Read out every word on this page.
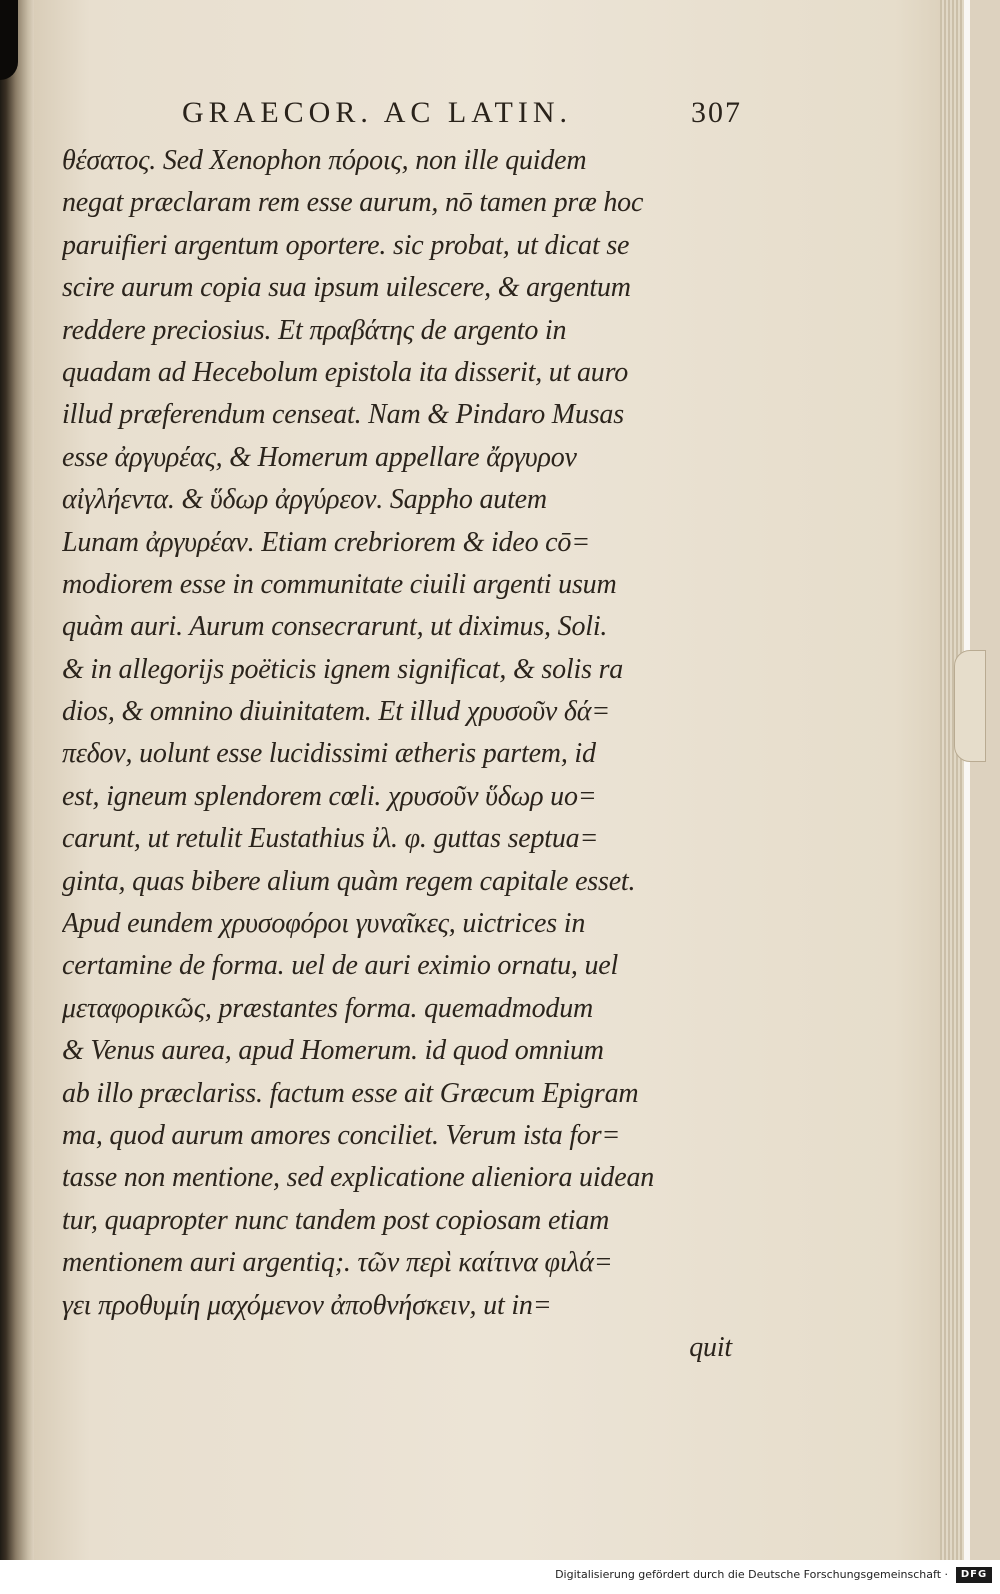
GRAECOR. AC LATIN.	307
θέσατος. Sed Xenophon πόροις, non ille quidem
negat præclaram rem esse aurum, nō tamen præ hoc
paruifieri argentum oportere. sic probat, ut dicat se
scire aurum copia sua ipsum uilescere, & argentum
reddere preciosius. Et πραβάτης de argento in
quadam ad Hecebolum epistola ita disserit, ut auro
illud præferendum censeat. Nam & Pindaro Musas
esse ἀργυρέας, & Homerum appellare ἄργυρον
αἰγλήεντα. & ὕδωρ ἀργύρεον. Sappho autem
Lunam ἀργυρέαν. Etiam crebriorem & ideo cō=
modiorem esse in communitate ciuili argenti usum
quàm auri. Aurum consecrarunt, ut diximus, Soli.
& in allegorijs poëticis ignem significat, & solis ra
dios, & omnino diuinitatem. Et illud χρυσοῦν δά=
πεδον, uolunt esse lucidissimi ætheris partem, id
est, igneum splendorem cœli. χρυσοῦν ὕδωρ uo=
carunt, ut retulit Eustathius ἰλ. φ. guttas septua=
ginta, quas bibere alium quàm regem capitale esset.
Apud eundem χρυσοφόροι γυναῖκες, uictrices in
certamine de forma. uel de auri eximio ornatu, uel
μεταφορικῶς, præstantes forma. quemadmodum
& Venus aurea, apud Homerum. id quod omnium
ab illo præclariss. factum esse ait Græcum Epigram
ma, quod aurum amores conciliet. Verum ista for=
tasse non mentione, sed explicatione alieniora uidean
tur, quapropter nunc tandem post copiosam etiam
mentionem auri argentiq;. τῶν περὶ καίτινα φιλά=
γει προθυμίη μαχόμενον ἀποθνήσκειν, ut in=
quit
Digitalisierung gefördert durch die Deutsche Forschungsgemeinschaft ·	DFG
